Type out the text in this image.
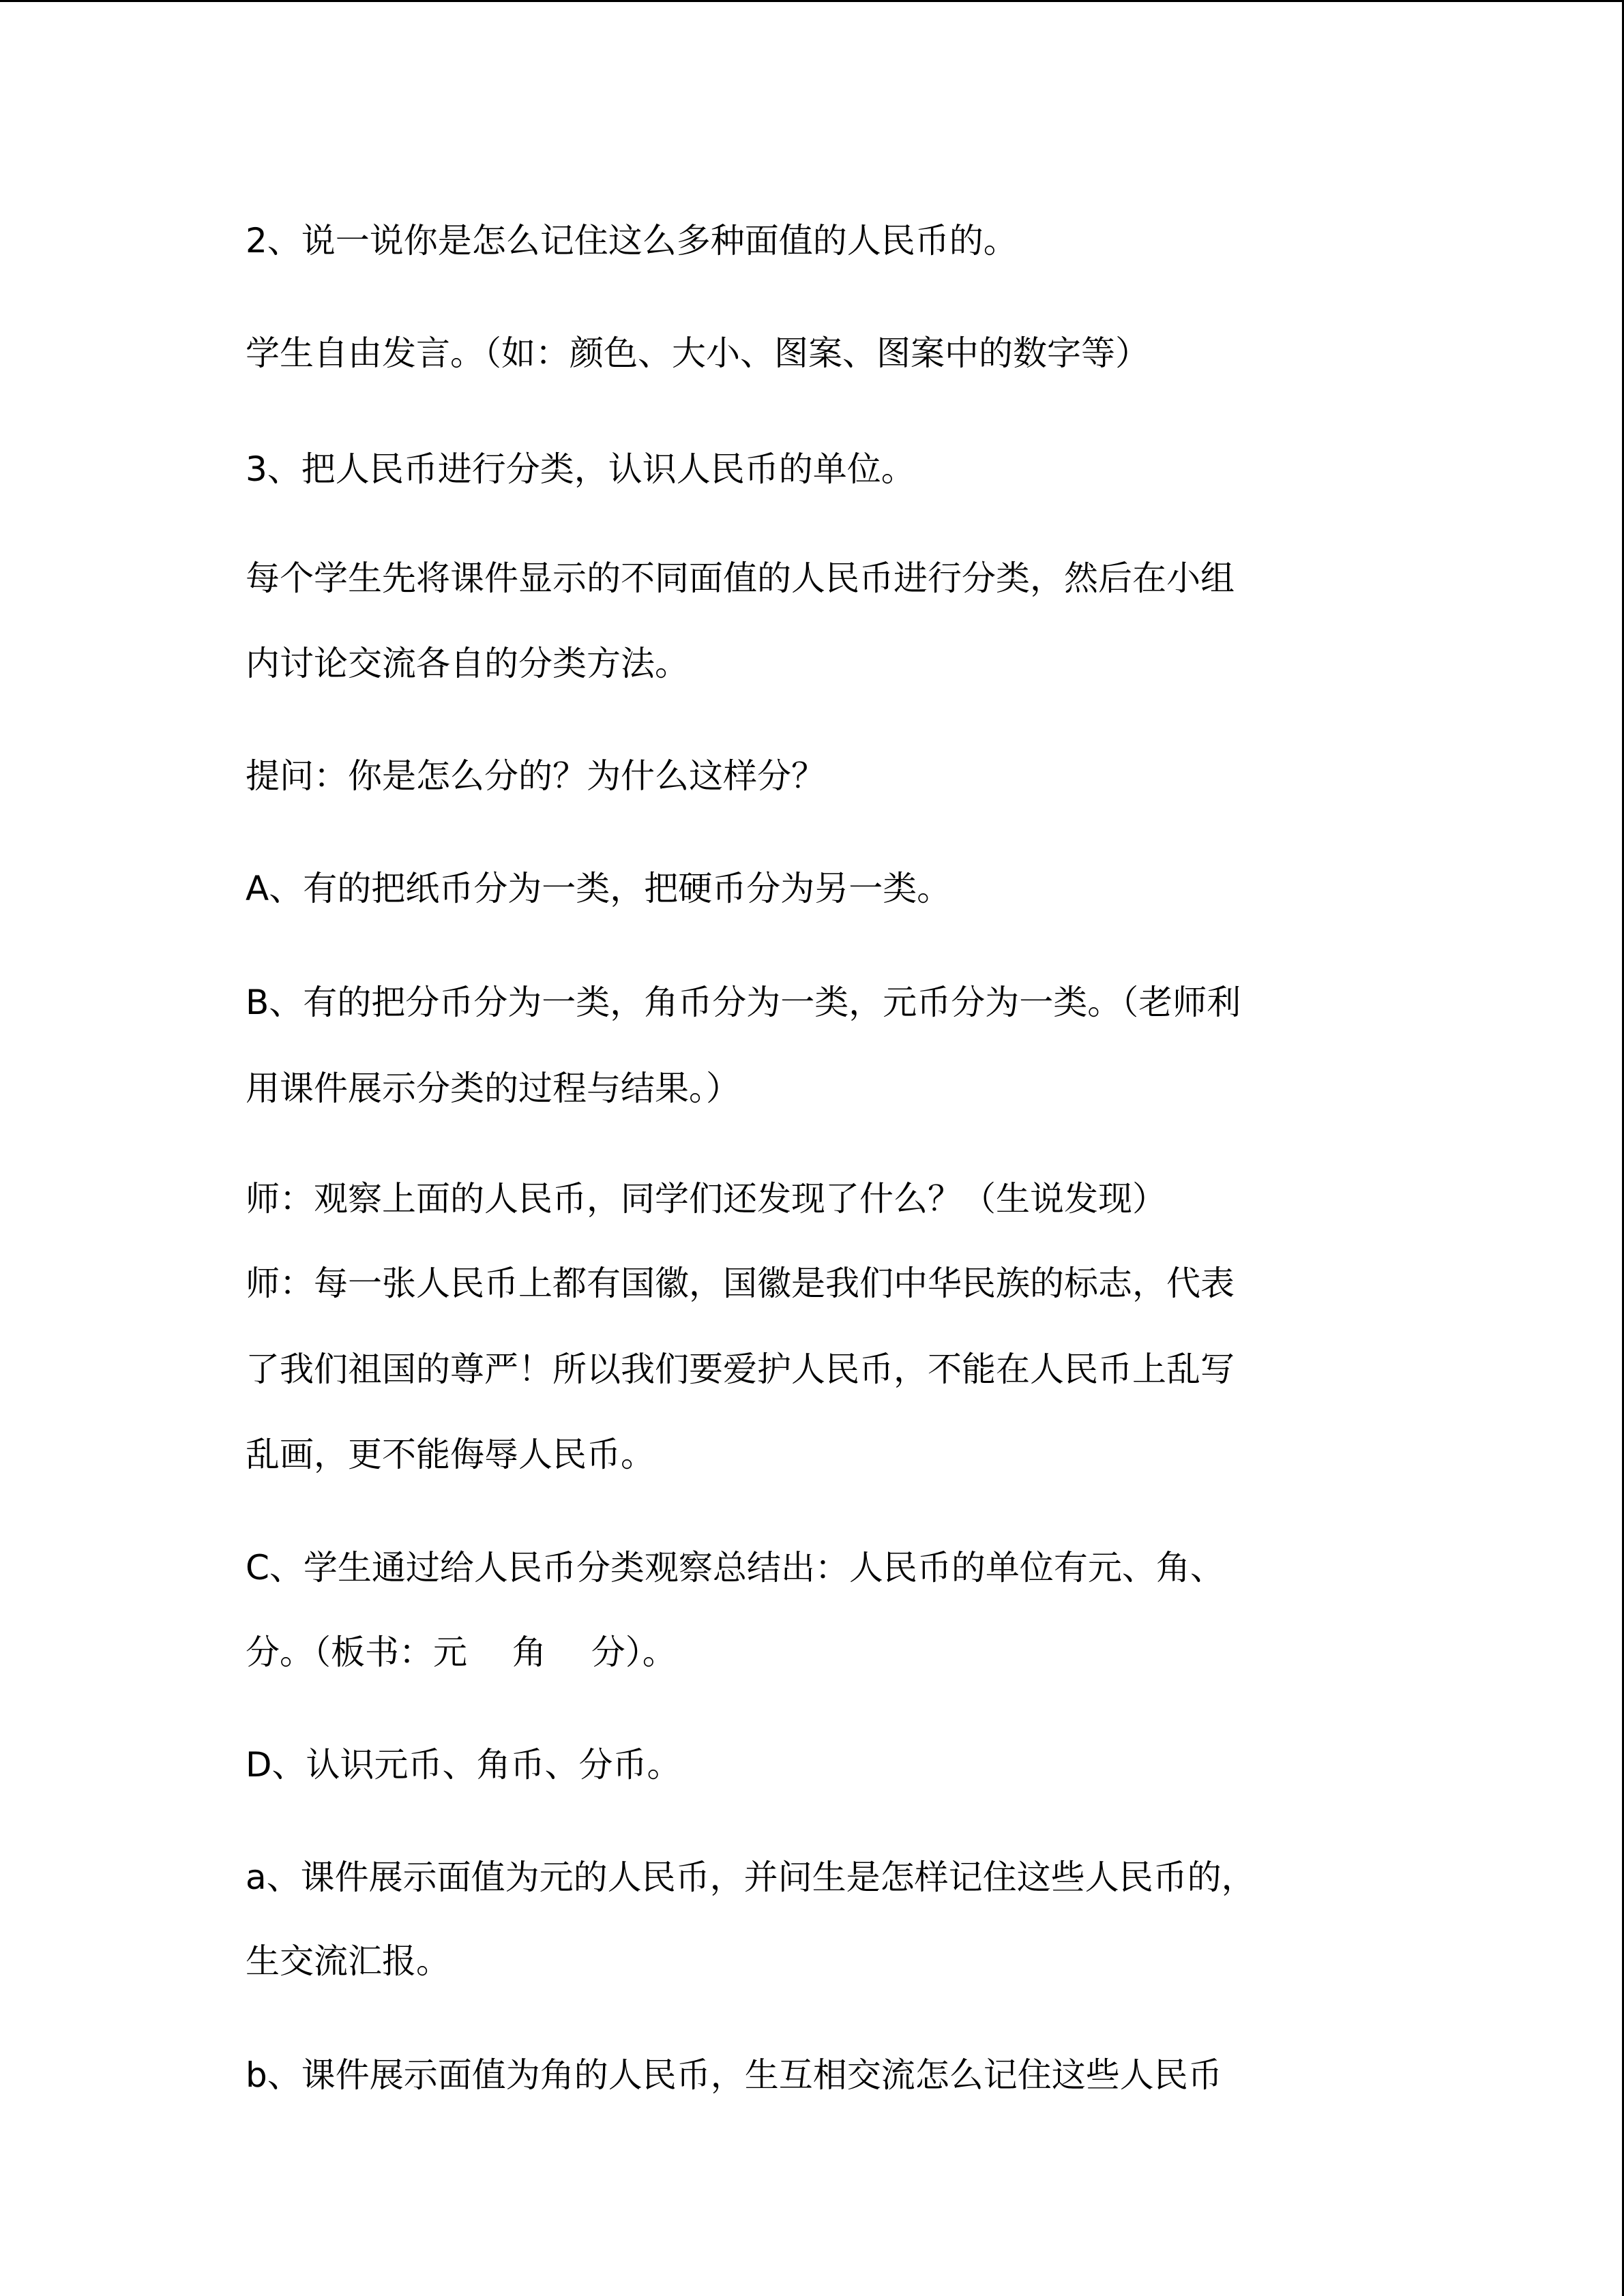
2、说一说你是怎么记住这么多种面值的人民币的。

学生自由发言。（如：颜色、大小、图案、图案中的数字等）

3、把人民币进行分类，认识人民币的单位。

每个学生先将课件显示的不同面值的人民币进行分类，然后在小组

内讨论交流各自的分类方法。

提问：你是怎么分的？为什么这样分？

A、有的把纸币分为一类，把硬币分为另一类。

B、有的把分币分为一类，角币分为一类，元币分为一类。（老师利

用课件展示分类的过程与结果。）

师：观察上面的人民币，同学们还发现了什么？（生说发现）

师：每一张人民币上都有国徽，国徽是我们中华民族的标志，代表

了我们祖国的尊严！所以我们要爱护人民币，不能在人民币上乱写

乱画，更不能侮辱人民币。

C、学生通过给人民币分类观察总结出：人民币的单位有元、角、

分。（板书：元　 角　 分）。

D、认识元币、角币、分币。

a、课件展示面值为元的人民币，并问生是怎样记住这些人民币的，

生交流汇报。

b、课件展示面值为角的人民币，生互相交流怎么记住这些人民币
